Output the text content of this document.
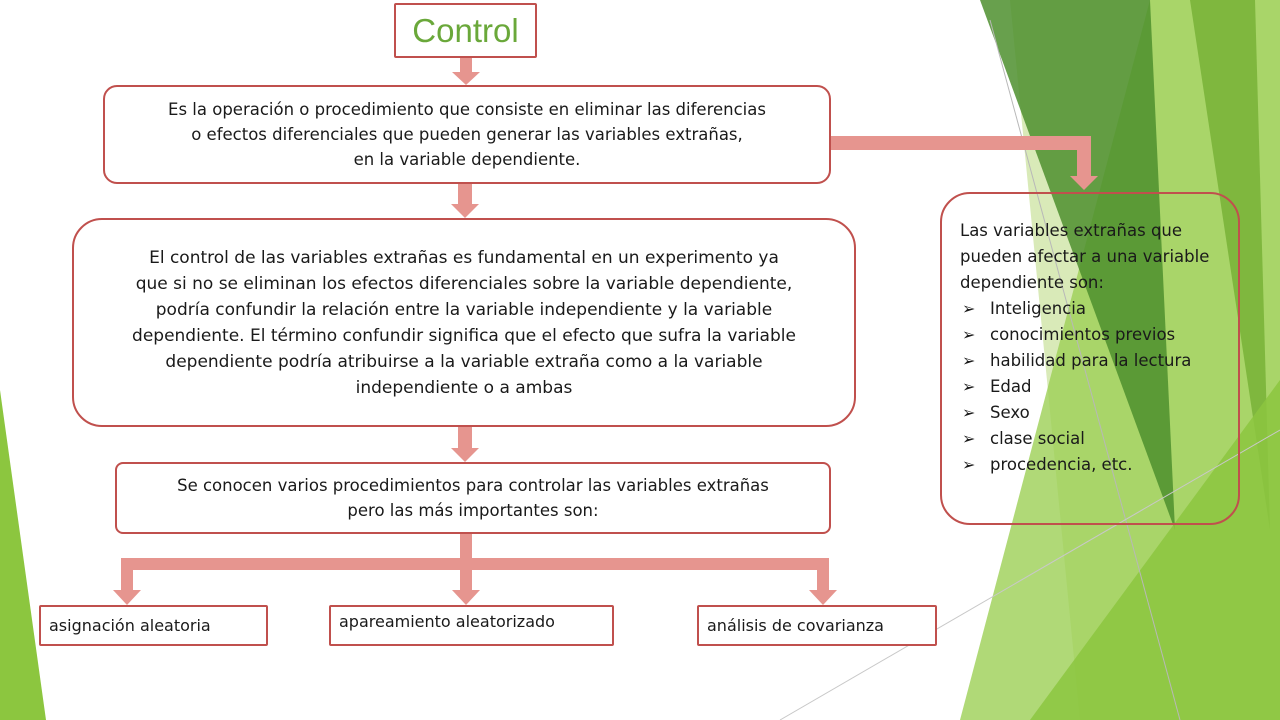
Control
Es la operación o procedimiento que consiste en eliminar las diferencias
o efectos diferenciales que pueden generar las variables extrañas,
en la variable dependiente.
El control de las variables extrañas es fundamental en un experimento ya
que si no se eliminan los efectos diferenciales sobre la variable dependiente,
podría confundir la relación entre la variable independiente y la variable
dependiente. El término confundir significa que el efecto que sufra la variable
dependiente podría atribuirse a la variable extraña como a la variable
independiente o a ambas
Se conocen varios procedimientos para controlar las variables extrañas
pero las más importantes son:
asignación aleatoria	apareamiento aleatorizado	análisis de covarianza

Las variables extrañas que pueden afectar a una variable dependiente son:

➢ Inteligencia
➢ conocimientos previos
➢ habilidad para la lectura
➢ Edad
➢ Sexo
➢ clase social
➢ procedencia, etc.
